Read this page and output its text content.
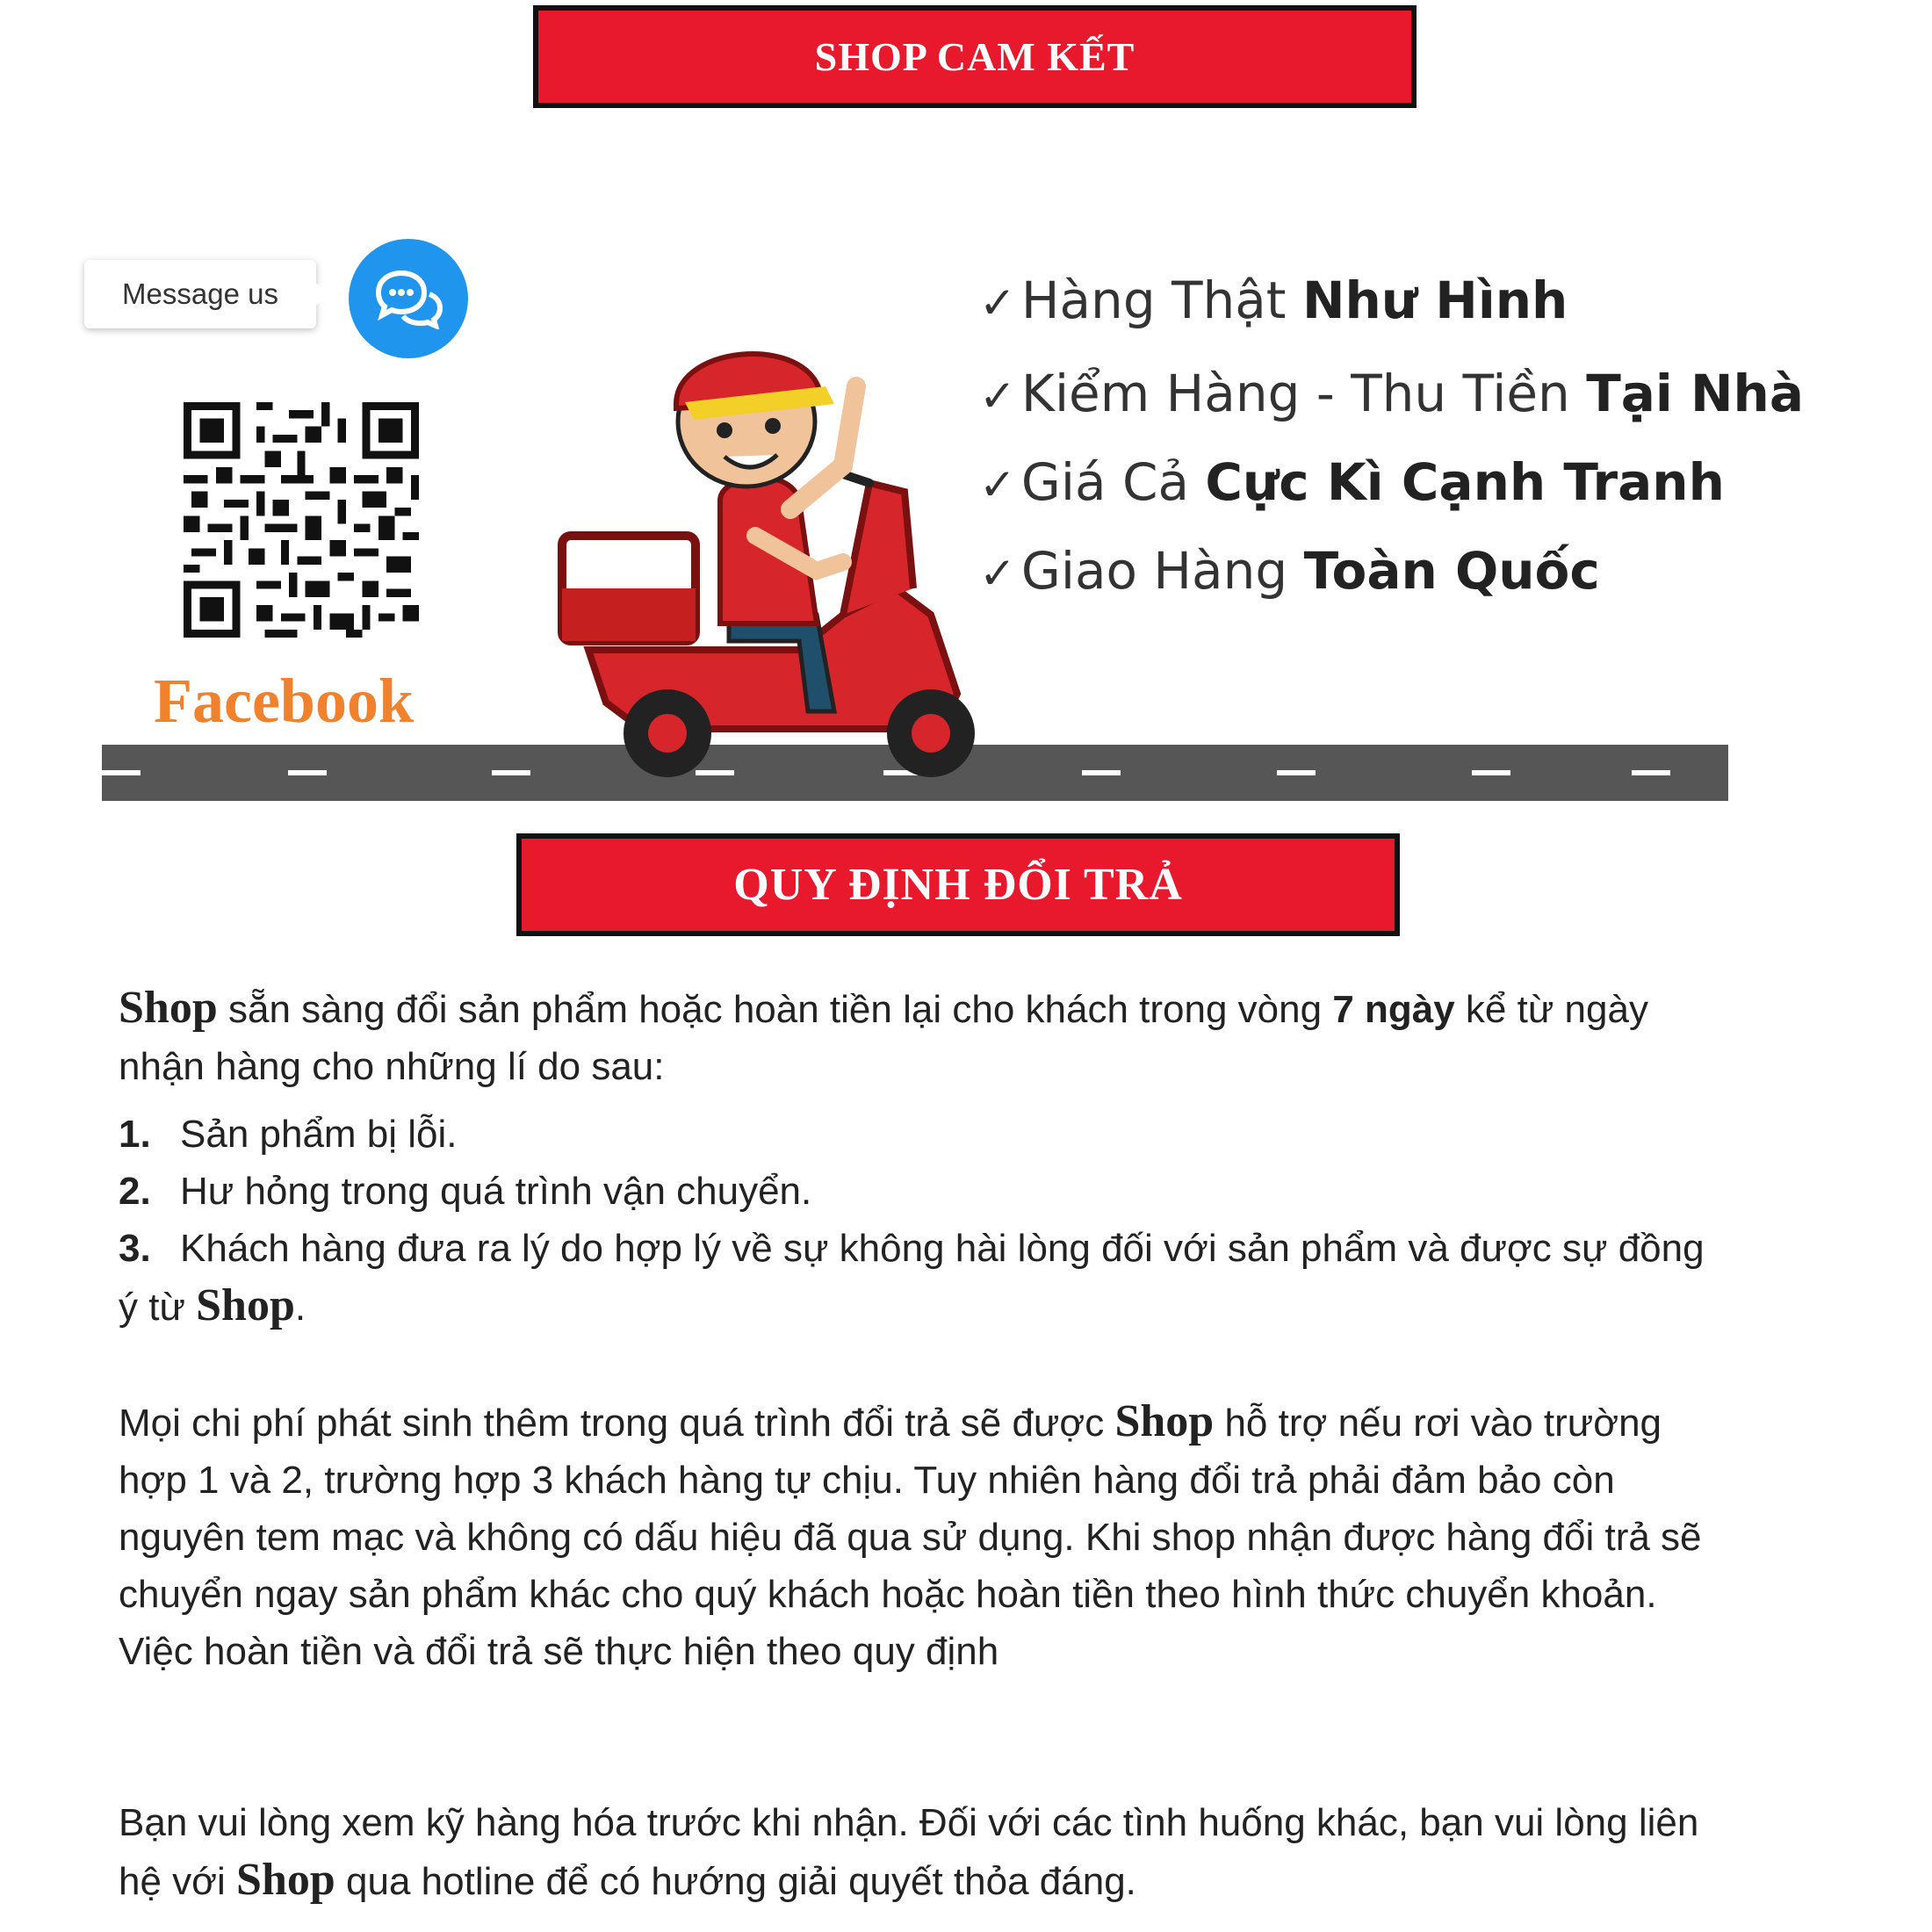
SHOP CAM KẾT
Message us
Facebook
✓ Hàng Thật Như Hình
✓ Kiểm Hàng - Thu Tiền Tại Nhà
✓ Giá Cả Cực Kì Cạnh Tranh
✓ Giao Hàng Toàn Quốc
QUY ĐỊNH ĐỔI TRẢ

Shop sẵn sàng đổi sản phẩm hoặc hoàn tiền lại cho khách trong vòng 7 ngày kể từ ngày nhận hàng cho những lí do sau:

1. Sản phẩm bị lỗi.
2. Hư hỏng trong quá trình vận chuyển.
3. Khách hàng đưa ra lý do hợp lý về sự không hài lòng đối với sản phẩm và được sự đồng ý từ Shop.

Mọi chi phí phát sinh thêm trong quá trình đổi trả sẽ được Shop hỗ trợ nếu rơi vào trường hợp 1 và 2, trường hợp 3 khách hàng tự chịu. Tuy nhiên hàng đổi trả phải đảm bảo còn nguyên tem mạc và không có dấu hiệu đã qua sử dụng. Khi shop nhận được hàng đổi trả sẽ chuyển ngay sản phẩm khác cho quý khách hoặc hoàn tiền theo hình thức chuyển khoản. Việc hoàn tiền và đổi trả sẽ thực hiện theo quy định

Bạn vui lòng xem kỹ hàng hóa trước khi nhận. Đối với các tình huống khác, bạn vui lòng liên hệ với Shop qua hotline để có hướng giải quyết thỏa đáng.
